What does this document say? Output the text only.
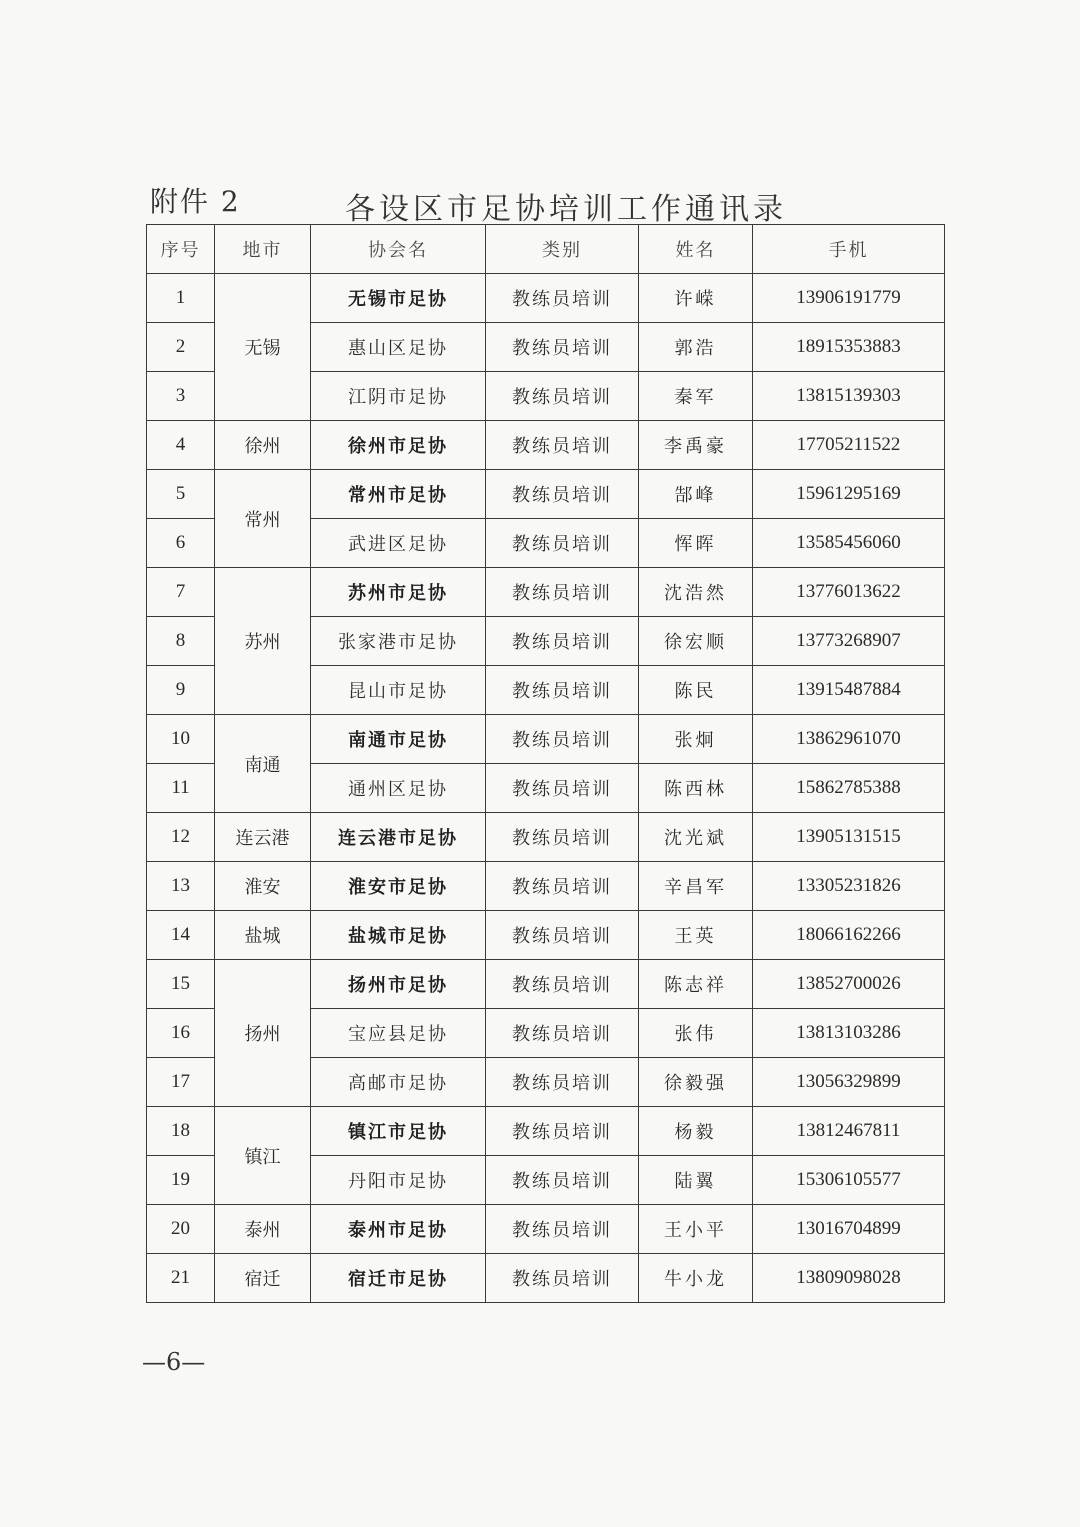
附件 2	各设区市足协培训工作通讯录
序号	地市	协会名	类别	姓名	手机
1	无锡	无锡市足协	教练员培训	许嵘	13906191779
2		惠山区足协	教练员培训	郭浩	18915353883
3		江阴市足协	教练员培训	秦军	13815139303
4	徐州	徐州市足协	教练员培训	李禹豪	17705211522
5	常州	常州市足协	教练员培训	郜峰	15961295169
6		武进区足协	教练员培训	恽晖	13585456060
7	苏州	苏州市足协	教练员培训	沈浩然	13776013622
8		张家港市足协	教练员培训	徐宏顺	13773268907
9		昆山市足协	教练员培训	陈民	13915487884
10	南通	南通市足协	教练员培训	张炯	13862961070
11		通州区足协	教练员培训	陈西林	15862785388
12	连云港	连云港市足协	教练员培训	沈光斌	13905131515
13	淮安	淮安市足协	教练员培训	辛昌军	13305231826
14	盐城	盐城市足协	教练员培训	王英	18066162266
15	扬州	扬州市足协	教练员培训	陈志祥	13852700026
16		宝应县足协	教练员培训	张伟	13813103286
17		高邮市足协	教练员培训	徐毅强	13056329899
18	镇江	镇江市足协	教练员培训	杨毅	13812467811
19		丹阳市足协	教练员培训	陆翼	15306105577
20	泰州	泰州市足协	教练员培训	王小平	13016704899
21	宿迁	宿迁市足协	教练员培训	牛小龙	13809098028
—6—
